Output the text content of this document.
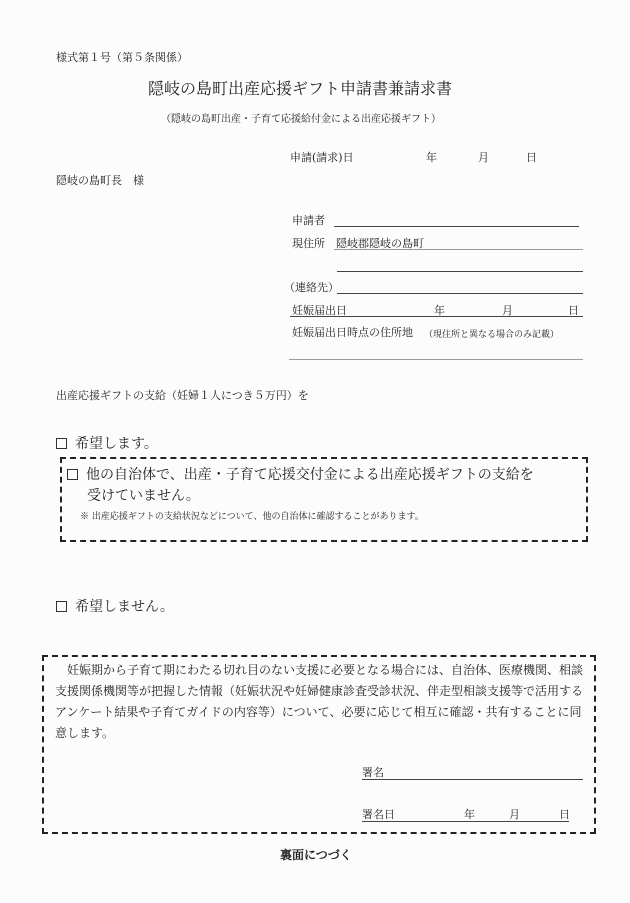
様式第１号（第５条関係）
隠岐の島町出産応援ギフト申請書兼請求書
（隠岐の島町出産・子育て応援給付金による出産応援ギフト）
申請(請求)日	年	月	日
隠岐の島町長　様
申請者
現住所 隠岐郡隠岐の島町
（連絡先）
妊娠届出日	年	月	日
妊娠届出日時点の住所地 （現住所と異なる場合のみ記載）
出産応援ギフトの支給（妊婦１人につき５万円）を
希望します。
他の自治体で、出産・子育て応援交付金による出産応援ギフトの支給を
受けていません。
※ 出産応援ギフトの支給状況などについて、他の自治体に確認することがあります。
希望しません。
　妊娠期から子育て期にわたる切れ目のない支援に必要となる場合には、自治体、医療機関、相談支援関係機関等が把握した情報（妊娠状況や妊婦健康診査受診状況、伴走型相談支援等で活用するアンケート結果や子育てガイドの内容等）について、必要に応じて相互に確認・共有することに同意します。
署名
署名日	年	月	日
裏面につづく
